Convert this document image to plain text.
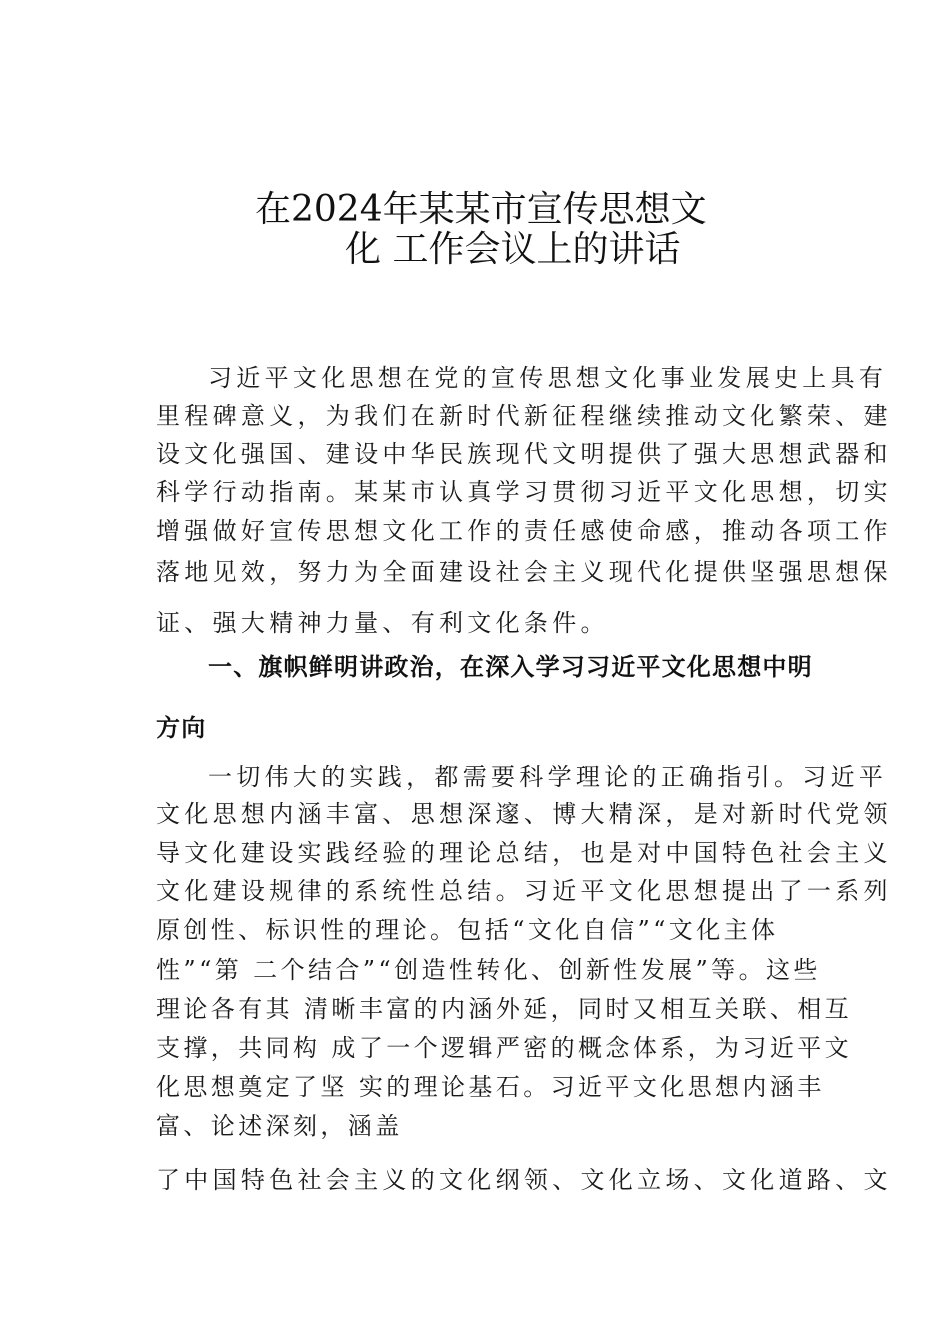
在2024年某某市宣传思想文
化 工作会议上的讲话
习近平文化思想在党的宣传思想文化事业发展史上具有
里程碑意义，为我们在新时代新征程继续推动文化繁荣、建
设文化强国、建设中华民族现代文明提供了强大思想武器和
科学行动指南。某某市认真学习贯彻习近平文化思想，切实
增强做好宣传思想文化工作的责任感使命感，推动各项工作
落地见效，努力为全面建设社会主义现代化提供坚强思想保
证、强大精神力量、有利文化条件。
一、旗帜鲜明讲政治，在深入学习习近平文化思想中明
方向
一切伟大的实践，都需要科学理论的正确指引。习近平
文化思想内涵丰富、思想深邃、博大精深，是对新时代党领
导文化建设实践经验的理论总结，也是对中国特色社会主义
文化建设规律的系统性总结。习近平文化思想提出了一系列
原创性、标识性的理论。包括“文化自信”“文化主体
性”“第 二个结合”“创造性转化、创新性发展”等。这些
理论各有其 清晰丰富的内涵外延，同时又相互关联、相互
支撑，共同构 成了一个逻辑严密的概念体系，为习近平文
化思想奠定了坚 实的理论基石。习近平文化思想内涵丰
富、论述深刻，涵盖
了中国特色社会主义的文化纲领、文化立场、文化道路、文
